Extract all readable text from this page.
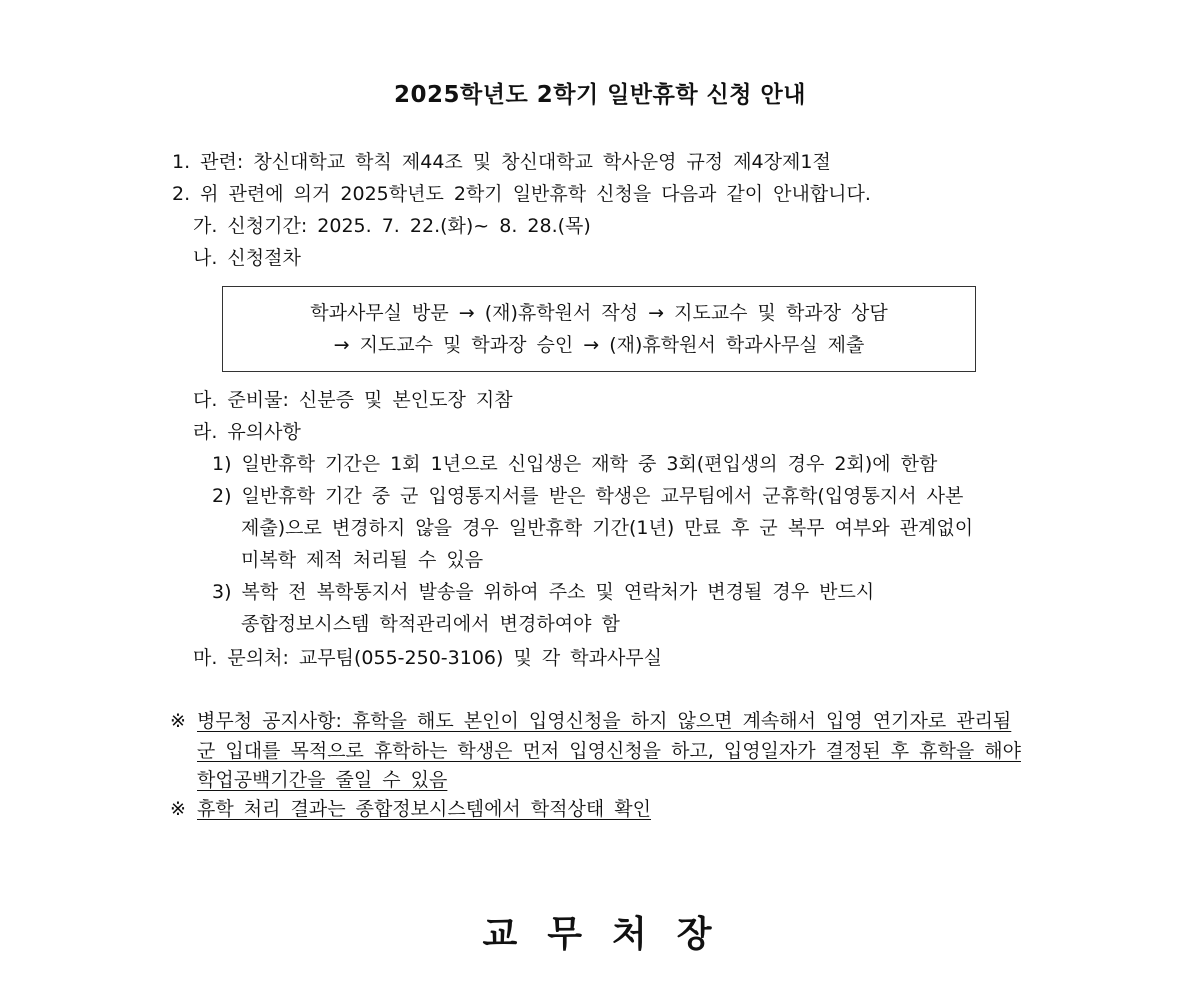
2025학년도 2학기 일반휴학 신청 안내
1. 관련: 창신대학교 학칙 제44조 및 창신대학교 학사운영 규정 제4장제1절
2. 위 관련에 의거 2025학년도 2학기 일반휴학 신청을 다음과 같이 안내합니다.
가. 신청기간: 2025. 7. 22.(화)~ 8. 28.(목)
나. 신청절차
학과사무실 방문 → (재)휴학원서 작성 → 지도교수 및 학과장 상담
→ 지도교수 및 학과장 승인 → (재)휴학원서 학과사무실 제출
다. 준비물: 신분증 및 본인도장 지참
라. 유의사항
1) 일반휴학 기간은 1회 1년으로 신입생은 재학 중 3회(편입생의 경우 2회)에 한함
2) 일반휴학 기간 중 군 입영통지서를 받은 학생은 교무팀에서 군휴학(입영통지서 사본
제출)으로 변경하지 않을 경우 일반휴학 기간(1년) 만료 후 군 복무 여부와 관계없이
미복학 제적 처리될 수 있음
3) 복학 전 복학통지서 발송을 위하여 주소 및 연락처가 변경될 경우 반드시
종합정보시스템 학적관리에서 변경하여야 함
마. 문의처: 교무팀(055-250-3106) 및 각 학과사무실
※ 병무청 공지사항: 휴학을 해도 본인이 입영신청을 하지 않으면 계속해서 입영 연기자로 관리됨
군 입대를 목적으로 휴학하는 학생은 먼저 입영신청을 하고, 입영일자가 결정된 후 휴학을 해야
학업공백기간을 줄일 수 있음
※ 휴학 처리 결과는 종합정보시스템에서 학적상태 확인
교무처장
